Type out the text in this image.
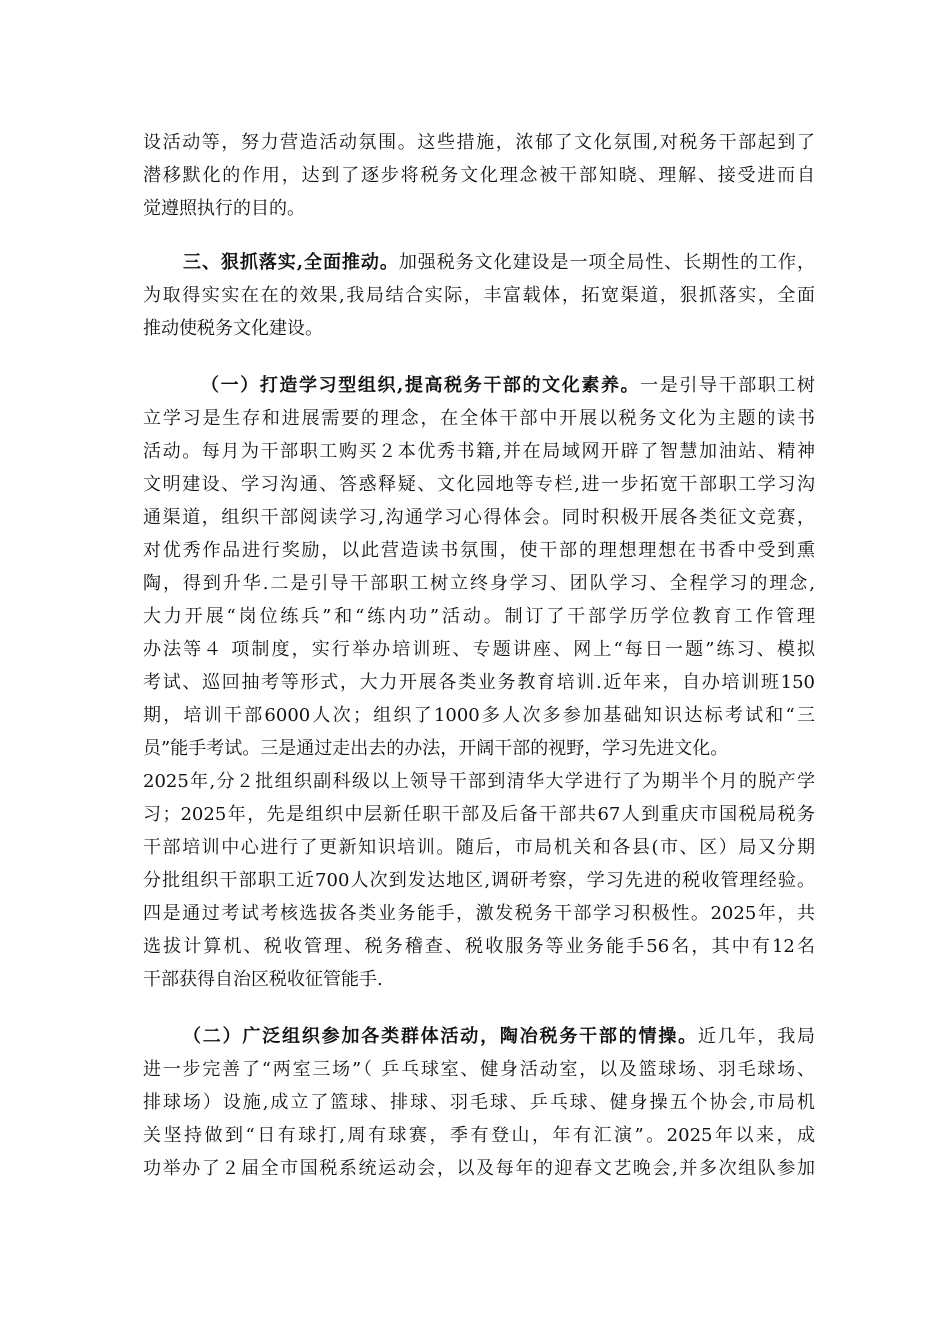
设活动等，努力营造活动氛围。这些措施，浓郁了文化氛围,对税务干部起到了
潜移默化的作用，达到了逐步将税务文化理念被干部知晓、理解、接受进而自
觉遵照执行的目的。
三、狠抓落实,全面推动。加强税务文化建设是一项全局性、长期性的工作，
为取得实实在在的效果,我局结合实际，丰富载体，拓宽渠道，狠抓落实，全面
推动使税务文化建设。
（一）打造学习型组织,提高税务干部的文化素养。一是引导干部职工树
立学习是生存和进展需要的理念，在全体干部中开展以税务文化为主题的读书
活动。每月为干部职工购买２本优秀书籍,并在局域网开辟了智慧加油站、精神
文明建设、学习沟通、答惑释疑、文化园地等专栏,进一步拓宽干部职工学习沟
通渠道，组织干部阅读学习,沟通学习心得体会。同时积极开展各类征文竞赛，
对优秀作品进行奖励，以此营造读书氛围，使干部的理想理想在书香中受到熏
陶，得到升华.二是引导干部职工树立终身学习、团队学习、全程学习的理念,
大力开展“岗位练兵”和“练内功”活动。制订了干部学历学位教育工作管理
办法等４ 项制度，实行举办培训班、专题讲座、网上“每日一题”练习、模拟
考试、巡回抽考等形式，大力开展各类业务教育培训.近年来，自办培训班150
期，培训干部6000人次；组织了1000多人次多参加基础知识达标考试和“三
员”能手考试。三是通过走出去的办法，开阔干部的视野，学习先进文化。
2025年,分２批组织副科级以上领导干部到清华大学进行了为期半个月的脱产学
习；2025年，先是组织中层新任职干部及后备干部共67人到重庆市国税局税务
干部培训中心进行了更新知识培训。随后，市局机关和各县(市、区）局又分期
分批组织干部职工近700人次到发达地区,调研考察，学习先进的税收管理经验。
四是通过考试考核选拔各类业务能手，激发税务干部学习积极性。2025年，共
选拔计算机、税收管理、税务稽查、税收服务等业务能手56名，其中有12名
干部获得自治区税收征管能手.
（二）广泛组织参加各类群体活动，陶冶税务干部的情操。近几年，我局
进一步完善了“两室三场”（ 乒乓球室、健身活动室，以及篮球场、羽毛球场、
排球场）设施,成立了篮球、排球、羽毛球、乒乓球、健身操五个协会,市局机
关坚持做到“日有球打,周有球赛，季有登山，年有汇演”。2025年以来，成
功举办了２届全市国税系统运动会，以及每年的迎春文艺晚会,并多次组队参加
